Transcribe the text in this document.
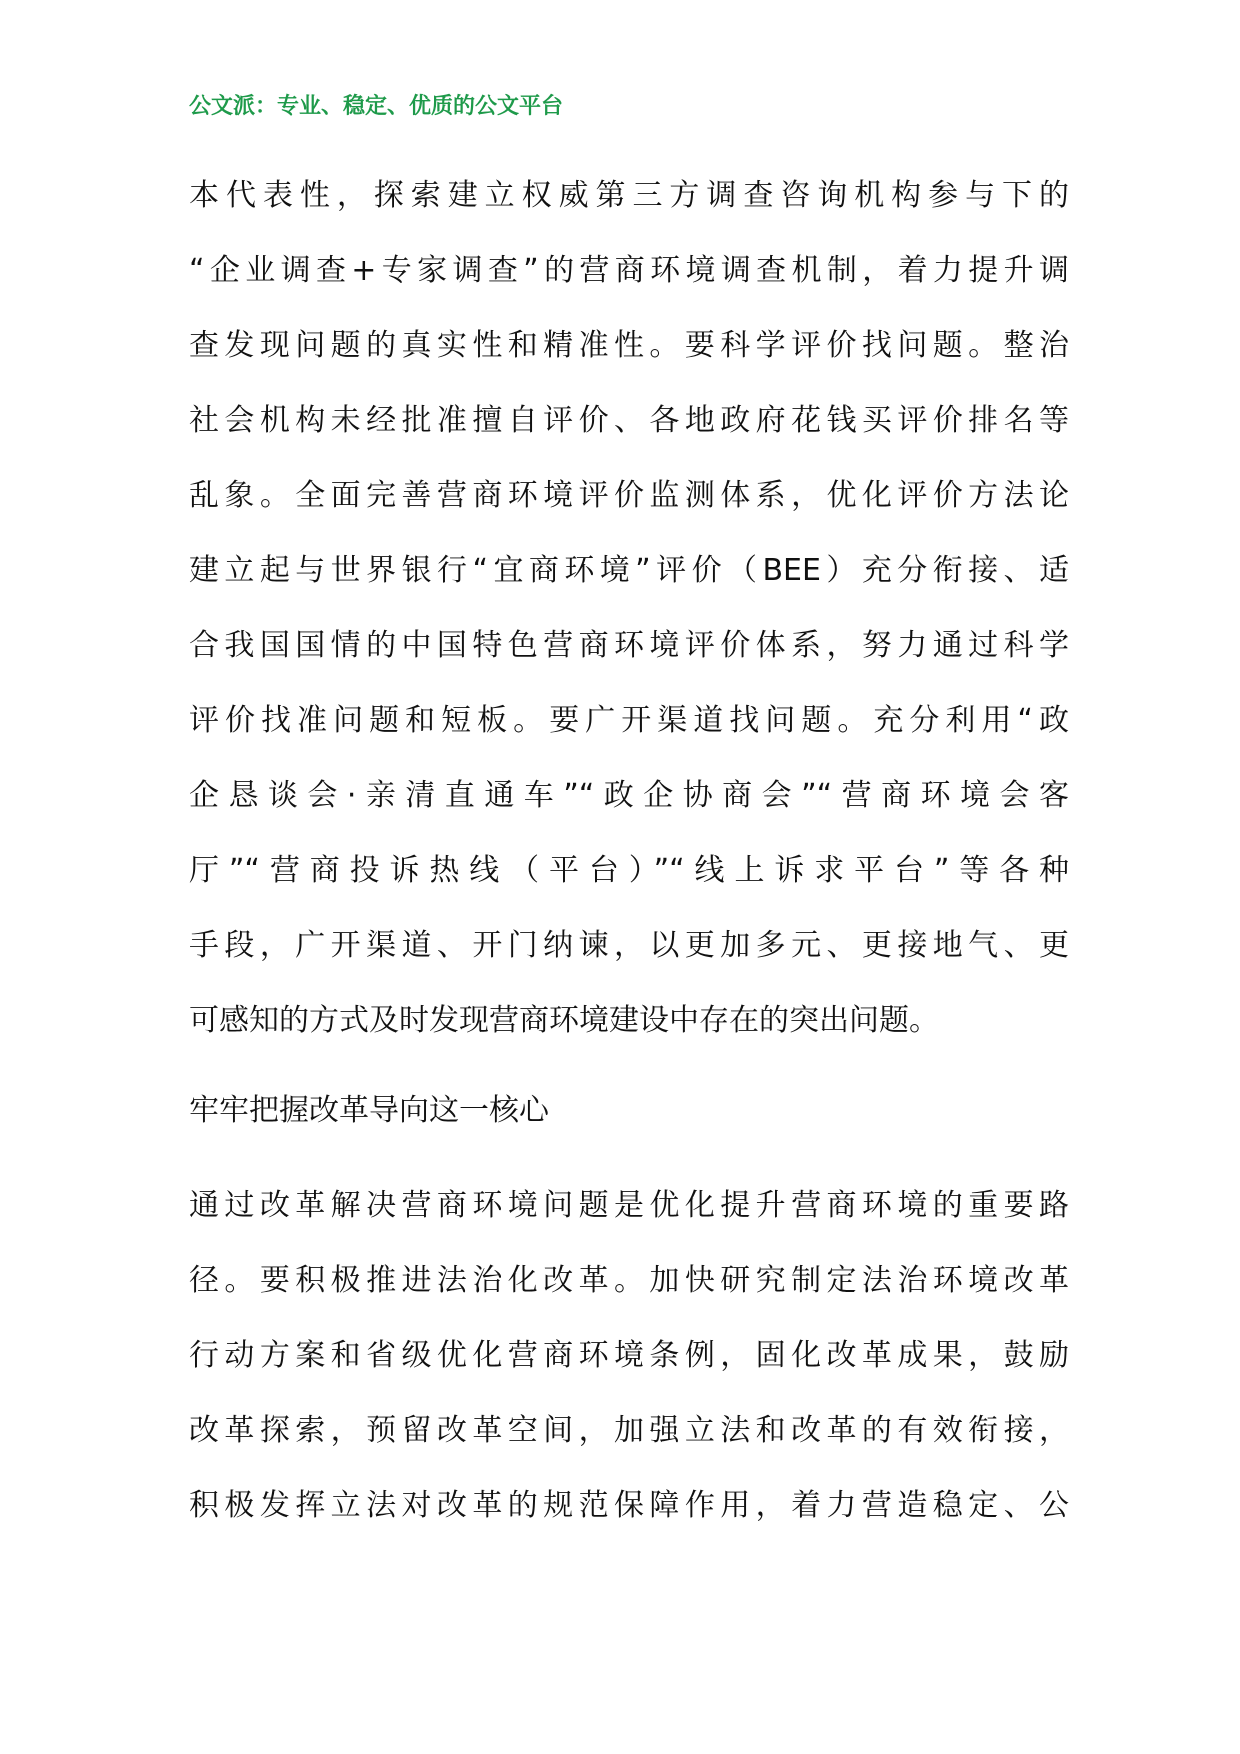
公文派：专业、稳定、优质的公文平台
本代表性，探索建立权威第三方调查咨询机构参与下的
“企业调查+专家调查”的营商环境调查机制，着力提升调
查发现问题的真实性和精准性。要科学评价找问题。整治
社会机构未经批准擅自评价、各地政府花钱买评价排名等
乱象。全面完善营商环境评价监测体系，优化评价方法论
建立起与世界银行“宜商环境”评价（BEE）充分衔接、适
合我国国情的中国特色营商环境评价体系，努力通过科学
评价找准问题和短板。要广开渠道找问题。充分利用“政
企恳谈会·亲清直通车”“政企协商会”“营商环境会客
厅”“营商投诉热线（平台）”“线上诉求平台”等各种
手段，广开渠道、开门纳谏，以更加多元、更接地气、更
可感知的方式及时发现营商环境建设中存在的突出问题。
牢牢把握改革导向这一核心
通过改革解决营商环境问题是优化提升营商环境的重要路
径。要积极推进法治化改革。加快研究制定法治环境改革
行动方案和省级优化营商环境条例，固化改革成果，鼓励
改革探索，预留改革空间，加强立法和改革的有效衔接，
积极发挥立法对改革的规范保障作用，着力营造稳定、公
